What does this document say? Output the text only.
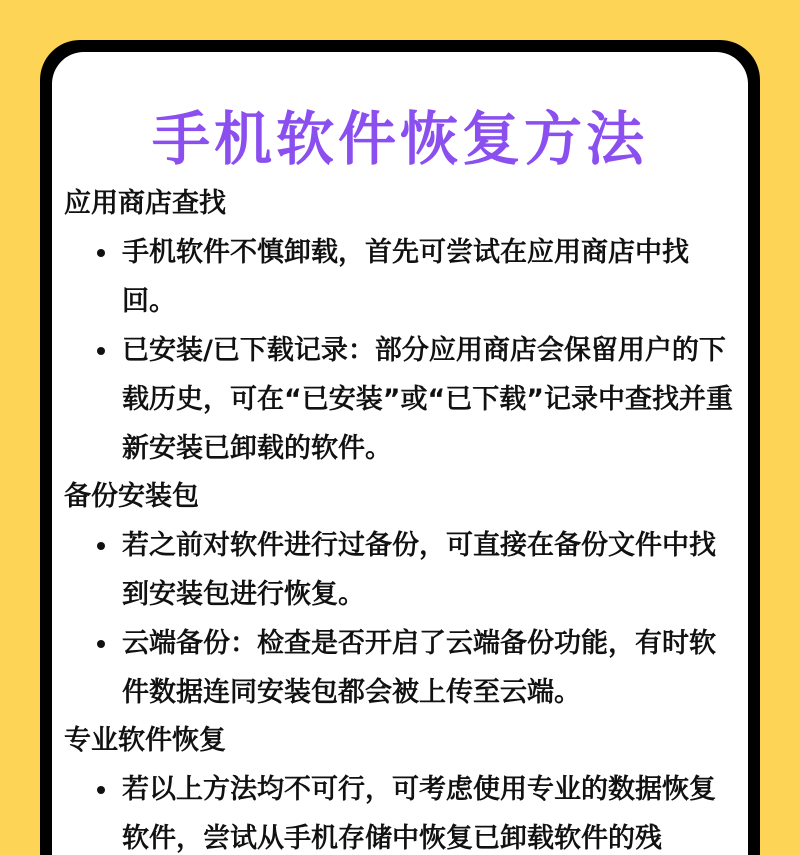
手机软件恢复方法
应用商店查找
手机软件不慎卸载，首先可尝试在应用商店中找回。
已安装/已下载记录：部分应用商店会保留用户的下载历史，可在“已安装”或“已下载”记录中查找并重新安装已卸载的软件。
备份安装包
若之前对软件进行过备份，可直接在备份文件中找到安装包进行恢复。
云端备份：检查是否开启了云端备份功能，有时软件数据连同安装包都会被上传至云端。
专业软件恢复
若以上方法均不可行，可考虑使用专业的数据恢复软件，尝试从手机存储中恢复已卸载软件的残
